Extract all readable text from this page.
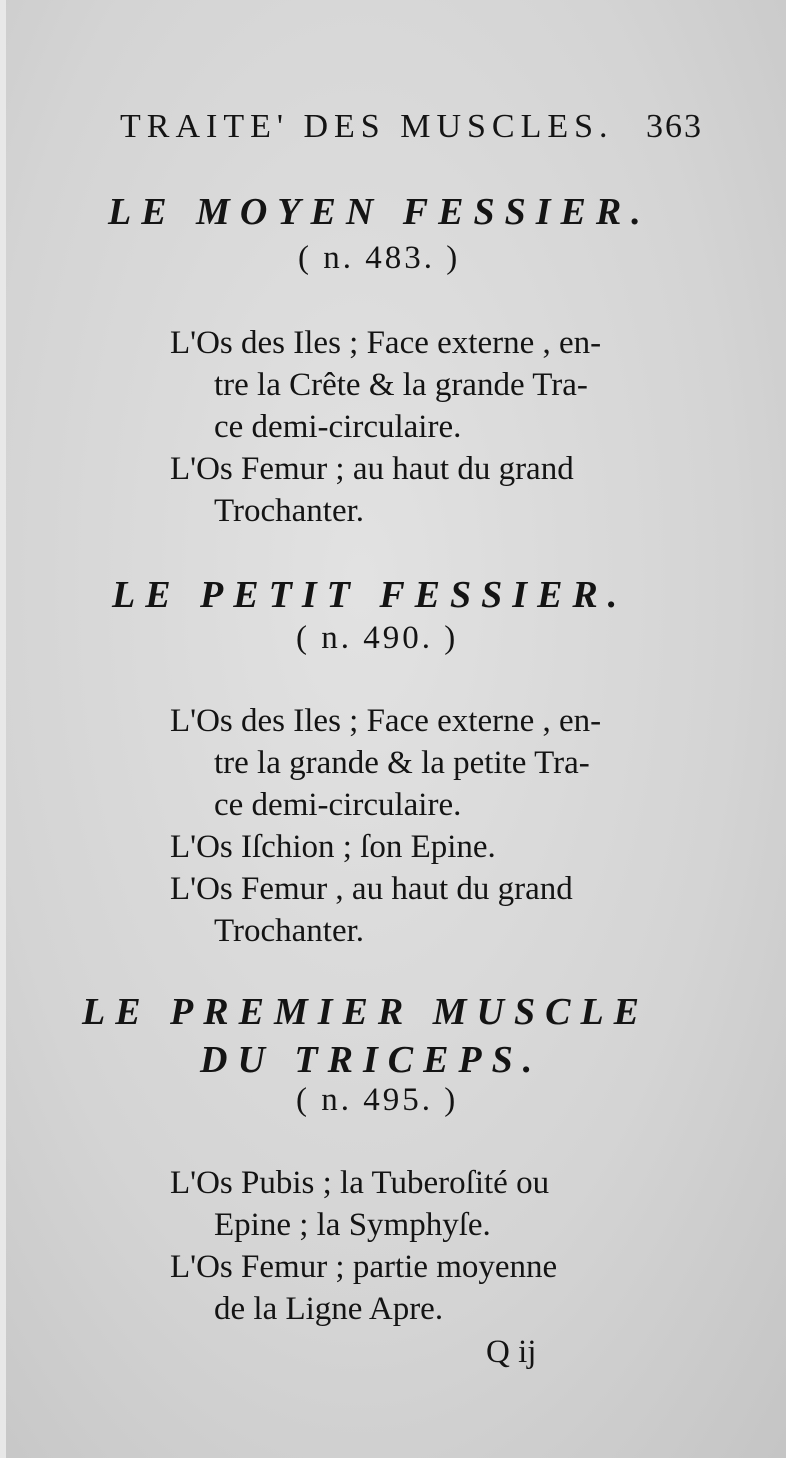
TRAITE' DES MUSCLES. 363
LE MOYEN FESSIER.
( n. 483. )
L'Os des Iles ; Face externe , en-
tre la Crête & la grande Tra-
ce demi-circulaire.
L'Os Femur ; au haut du grand
Trochanter.
LE PETIT FESSIER.
( n. 490. )
L'Os des Iles ; Face externe , en-
tre la grande & la petite Tra-
ce demi-circulaire.
L'Os Iſchion ; ſon Epine.
L'Os Femur , au haut du grand
Trochanter.
LE PREMIER MUSCLE
DU TRICEPS.
( n. 495. )
L'Os Pubis ; la Tuberoſité ou
Epine ; la Symphyſe.
L'Os Femur ; partie moyenne
de la Ligne Apre.
Q ij
